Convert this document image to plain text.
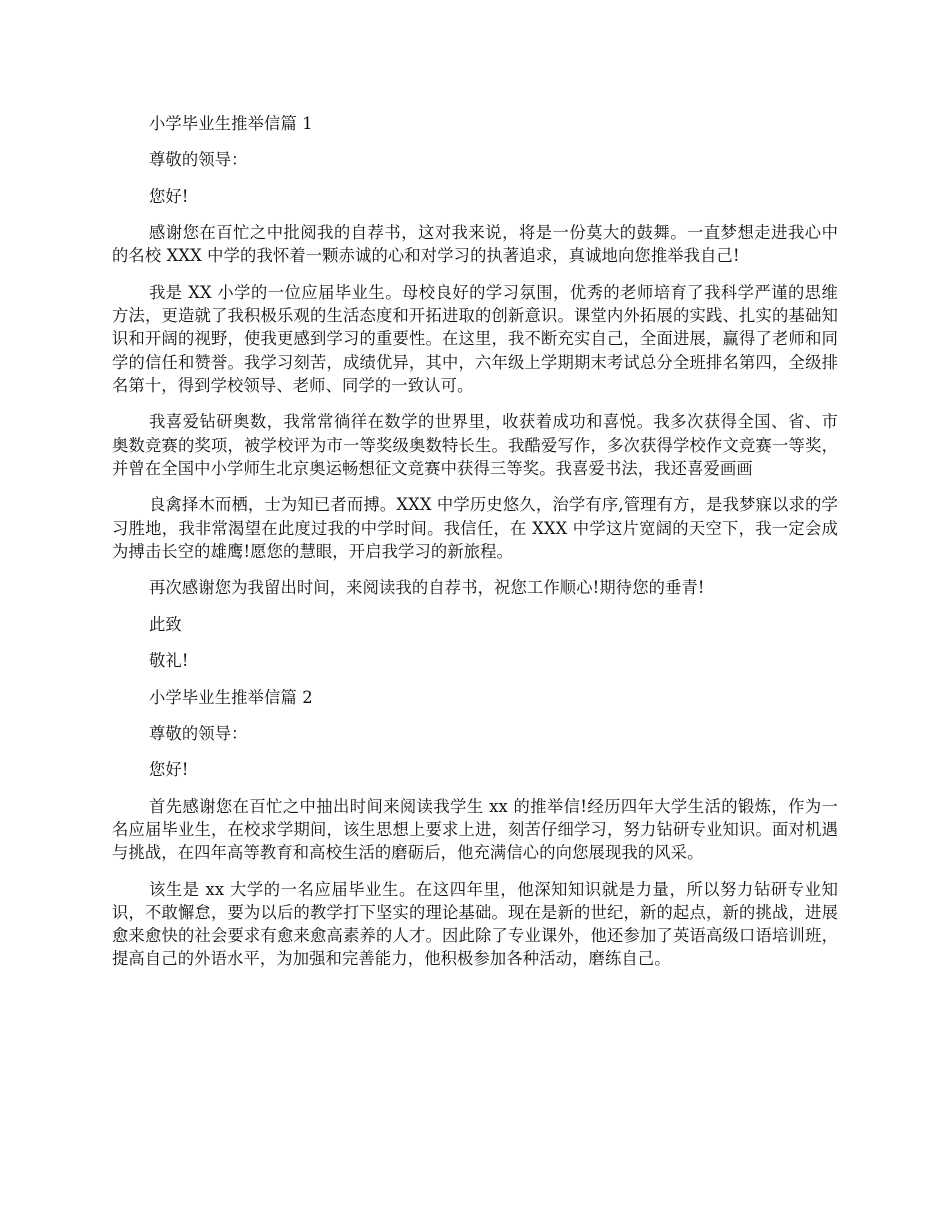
小学毕业生推举信篇 1

尊敬的领导：

您好!

感谢您在百忙之中批阅我的自荐书，这对我来说，将是一份莫大的鼓舞。一直梦想走进我心中的名校 XXX 中学的我怀着一颗赤诚的心和对学习的执著追求，真诚地向您推举我自己!

我是 XX 小学的一位应届毕业生。母校良好的学习氛围，优秀的老师培育了我科学严谨的思维方法，更造就了我积极乐观的生活态度和开拓进取的创新意识。课堂内外拓展的实践、扎实的基础知识和开阔的视野，使我更感到学习的重要性。在这里，我不断充实自己，全面进展，赢得了老师和同学的信任和赞誉。我学习刻苦，成绩优异，其中，六年级上学期期末考试总分全班排名第四，全级排名第十，得到学校领导、老师、同学的一致认可。

我喜爱钻研奥数，我常常徜徉在数学的世界里，收获着成功和喜悦。我多次获得全国、省、市奥数竞赛的奖项，被学校评为市一等奖级奥数特长生。我酷爱写作，多次获得学校作文竞赛一等奖，并曾在全国中小学师生北京奥运畅想征文竞赛中获得三等奖。我喜爱书法，我还喜爱画画

良禽择木而栖，士为知已者而搏。XXX 中学历史悠久，治学有序,管理有方，是我梦寐以求的学习胜地，我非常渴望在此度过我的中学时间。我信任，在 XXX 中学这片宽阔的天空下，我一定会成为搏击长空的雄鹰!愿您的慧眼，开启我学习的新旅程。

再次感谢您为我留出时间，来阅读我的自荐书，祝您工作顺心!期待您的垂青!

此致

敬礼!

小学毕业生推举信篇 2

尊敬的领导：

您好!

首先感谢您在百忙之中抽出时间来阅读我学生 xx 的推举信!经历四年大学生活的锻炼，作为一名应届毕业生，在校求学期间，该生思想上要求上进，刻苦仔细学习，努力钻研专业知识。面对机遇与挑战，在四年高等教育和高校生活的磨砺后，他充满信心的向您展现我的风采。

该生是 xx 大学的一名应届毕业生。在这四年里，他深知知识就是力量，所以努力钻研专业知识，不敢懈怠，要为以后的教学打下坚实的理论基础。现在是新的世纪，新的起点，新的挑战，进展愈来愈快的社会要求有愈来愈高素养的人才。因此除了专业课外，他还参加了英语高级口语培训班，提高自己的外语水平，为加强和完善能力，他积极参加各种活动，磨练自己。
